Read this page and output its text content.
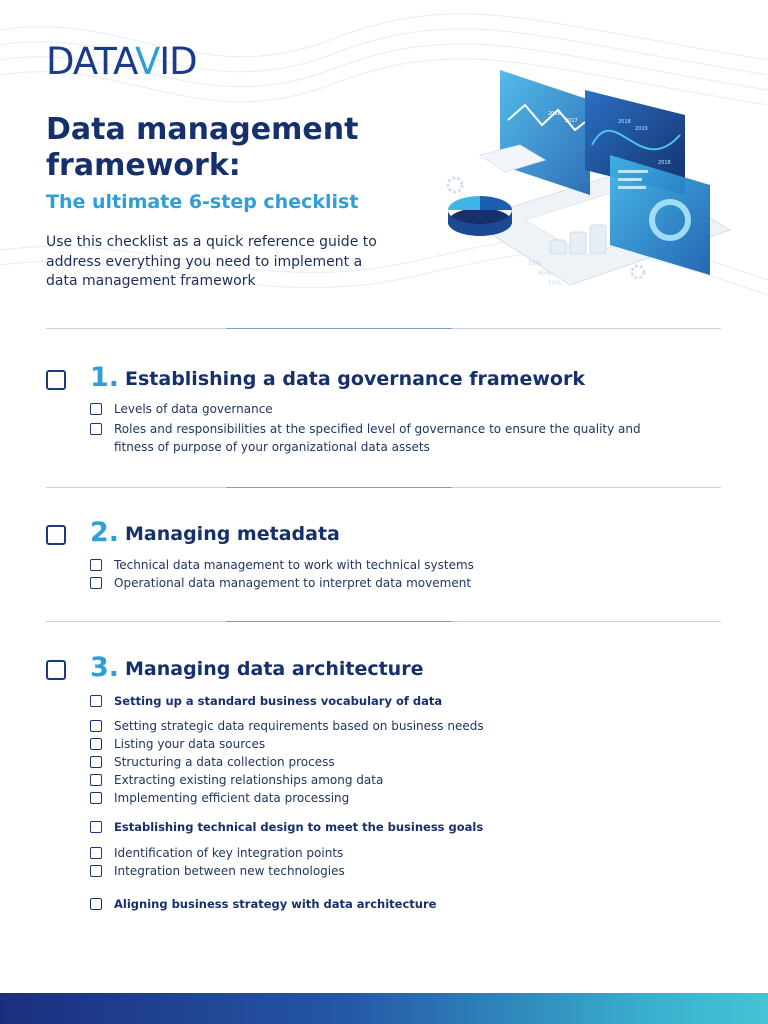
DATAVID
Data management framework:
The ultimate 6-step checklist

Use this checklist as a quick reference guide to address everything you need to implement a data management framework

2016
2017	2018
2019
2018
25%
45%
75%
1. Establishing a data governance framework
Levels of data governance
Roles and responsibilities at the specified level of governance to ensure the quality and fitness of purpose of your organizational data assets
2. Managing metadata
Technical data management to work with technical systems
Operational data management to interpret data movement
3. Managing data architecture
Setting up a standard business vocabulary of data
Setting strategic data requirements based on business needs
Listing your data sources
Structuring a data collection process
Extracting existing relationships among data
Implementing efficient data processing
Establishing technical design to meet the business goals
Identification of key integration points
Integration between new technologies
Aligning business strategy with data architecture
